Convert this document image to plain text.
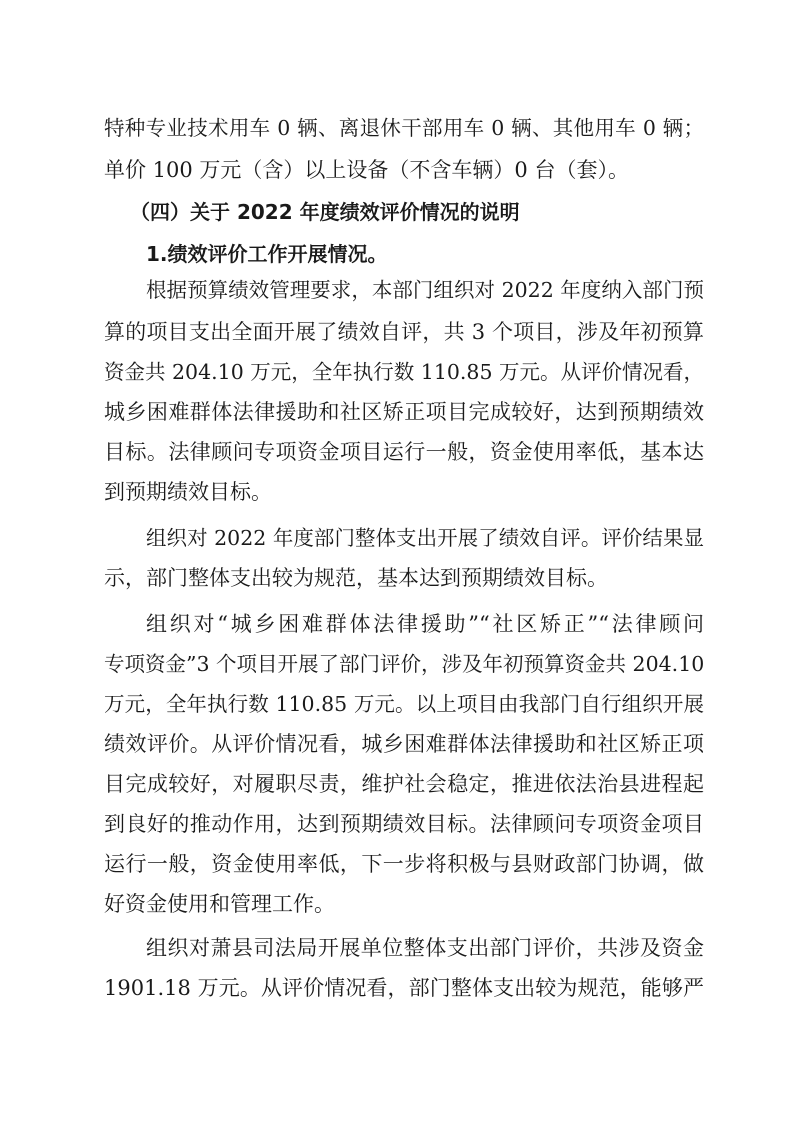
特种专业技术用车 0 辆、离退休干部用车 0 辆、其他用车 0 辆；
单价 100 万元（含）以上设备（不含车辆）0 台（套）。
（四）关于 2022 年度绩效评价情况的说明
1.绩效评价工作开展情况。
根据预算绩效管理要求，本部门组织对 2022 年度纳入部门预
算的项目支出全面开展了绩效自评，共 3 个项目，涉及年初预算
资金共 204.10 万元，全年执行数 110.85 万元。从评价情况看，
城乡困难群体法律援助和社区矫正项目完成较好，达到预期绩效
目标。法律顾问专项资金项目运行一般，资金使用率低，基本达
到预期绩效目标。
组织对 2022 年度部门整体支出开展了绩效自评。评价结果显
示，部门整体支出较为规范，基本达到预期绩效目标。
组织对“城乡困难群体法律援助”“社区矫正”“法律顾问
专项资金”3 个项目开展了部门评价，涉及年初预算资金共 204.10
万元，全年执行数 110.85 万元。以上项目由我部门自行组织开展
绩效评价。从评价情况看，城乡困难群体法律援助和社区矫正项
目完成较好，对履职尽责，维护社会稳定，推进依法治县进程起
到良好的推动作用，达到预期绩效目标。法律顾问专项资金项目
运行一般，资金使用率低，下一步将积极与县财政部门协调，做
好资金使用和管理工作。
组织对萧县司法局开展单位整体支出部门评价，共涉及资金
1901.18 万元。从评价情况看，部门整体支出较为规范，能够严
